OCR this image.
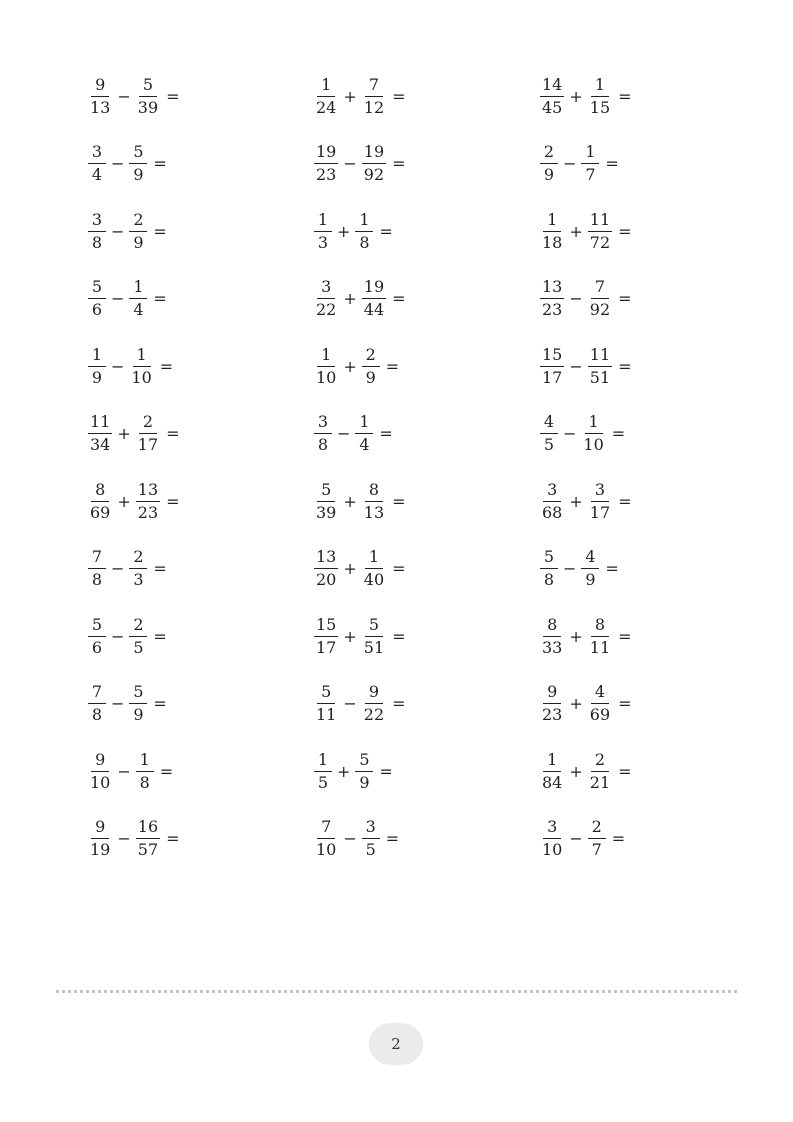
$\frac{9}{13} - \frac{5}{39}$ =	$\frac{1}{24} + \frac{7}{12}$ =	$\frac{14}{45} + \frac{1}{15}$ =
$\frac{3}{4} - \frac{5}{9}$ =	$\frac{19}{23} - \frac{19}{92}$ =	$\frac{2}{9} - \frac{1}{7}$ =
$\frac{3}{8} - \frac{2}{9}$ =	$\frac{1}{3} + \frac{1}{8}$ =	$\frac{1}{18} + \frac{11}{72}$ =
$\frac{5}{6} - \frac{1}{4}$ =	$\frac{3}{22} + \frac{19}{44}$ =	$\frac{13}{23} - \frac{7}{92}$ =
$\frac{1}{9} - \frac{1}{10}$ =	$\frac{1}{10} + \frac{2}{9}$ =	$\frac{15}{17} - \frac{11}{51}$ =
$\frac{11}{34} + \frac{2}{17}$ =	$\frac{3}{8} - \frac{1}{4}$ =	$\frac{4}{5} - \frac{1}{10}$ =
$\frac{8}{69} + \frac{13}{23}$ =	$\frac{5}{39} + \frac{8}{13}$ =	$\frac{3}{68} + \frac{3}{17}$ =
$\frac{7}{8} - \frac{2}{3}$ =	$\frac{13}{20} + \frac{1}{40}$ =	$\frac{5}{8} - \frac{4}{9}$ =
$\frac{5}{6} - \frac{2}{5}$ =	$\frac{15}{17} + \frac{5}{51}$ =	$\frac{8}{33} + \frac{8}{11}$ =
$\frac{7}{8} - \frac{5}{9}$ =	$\frac{5}{11} - \frac{9}{22}$ =	$\frac{9}{23} + \frac{4}{69}$ =
$\frac{9}{10} - \frac{1}{8}$ =	$\frac{1}{5} + \frac{5}{9}$ =	$\frac{1}{84} + \frac{2}{21}$ =
$\frac{9}{19} - \frac{16}{57}$ =	$\frac{7}{10} - \frac{3}{5}$ =	$\frac{3}{10} - \frac{2}{7}$ =
2
